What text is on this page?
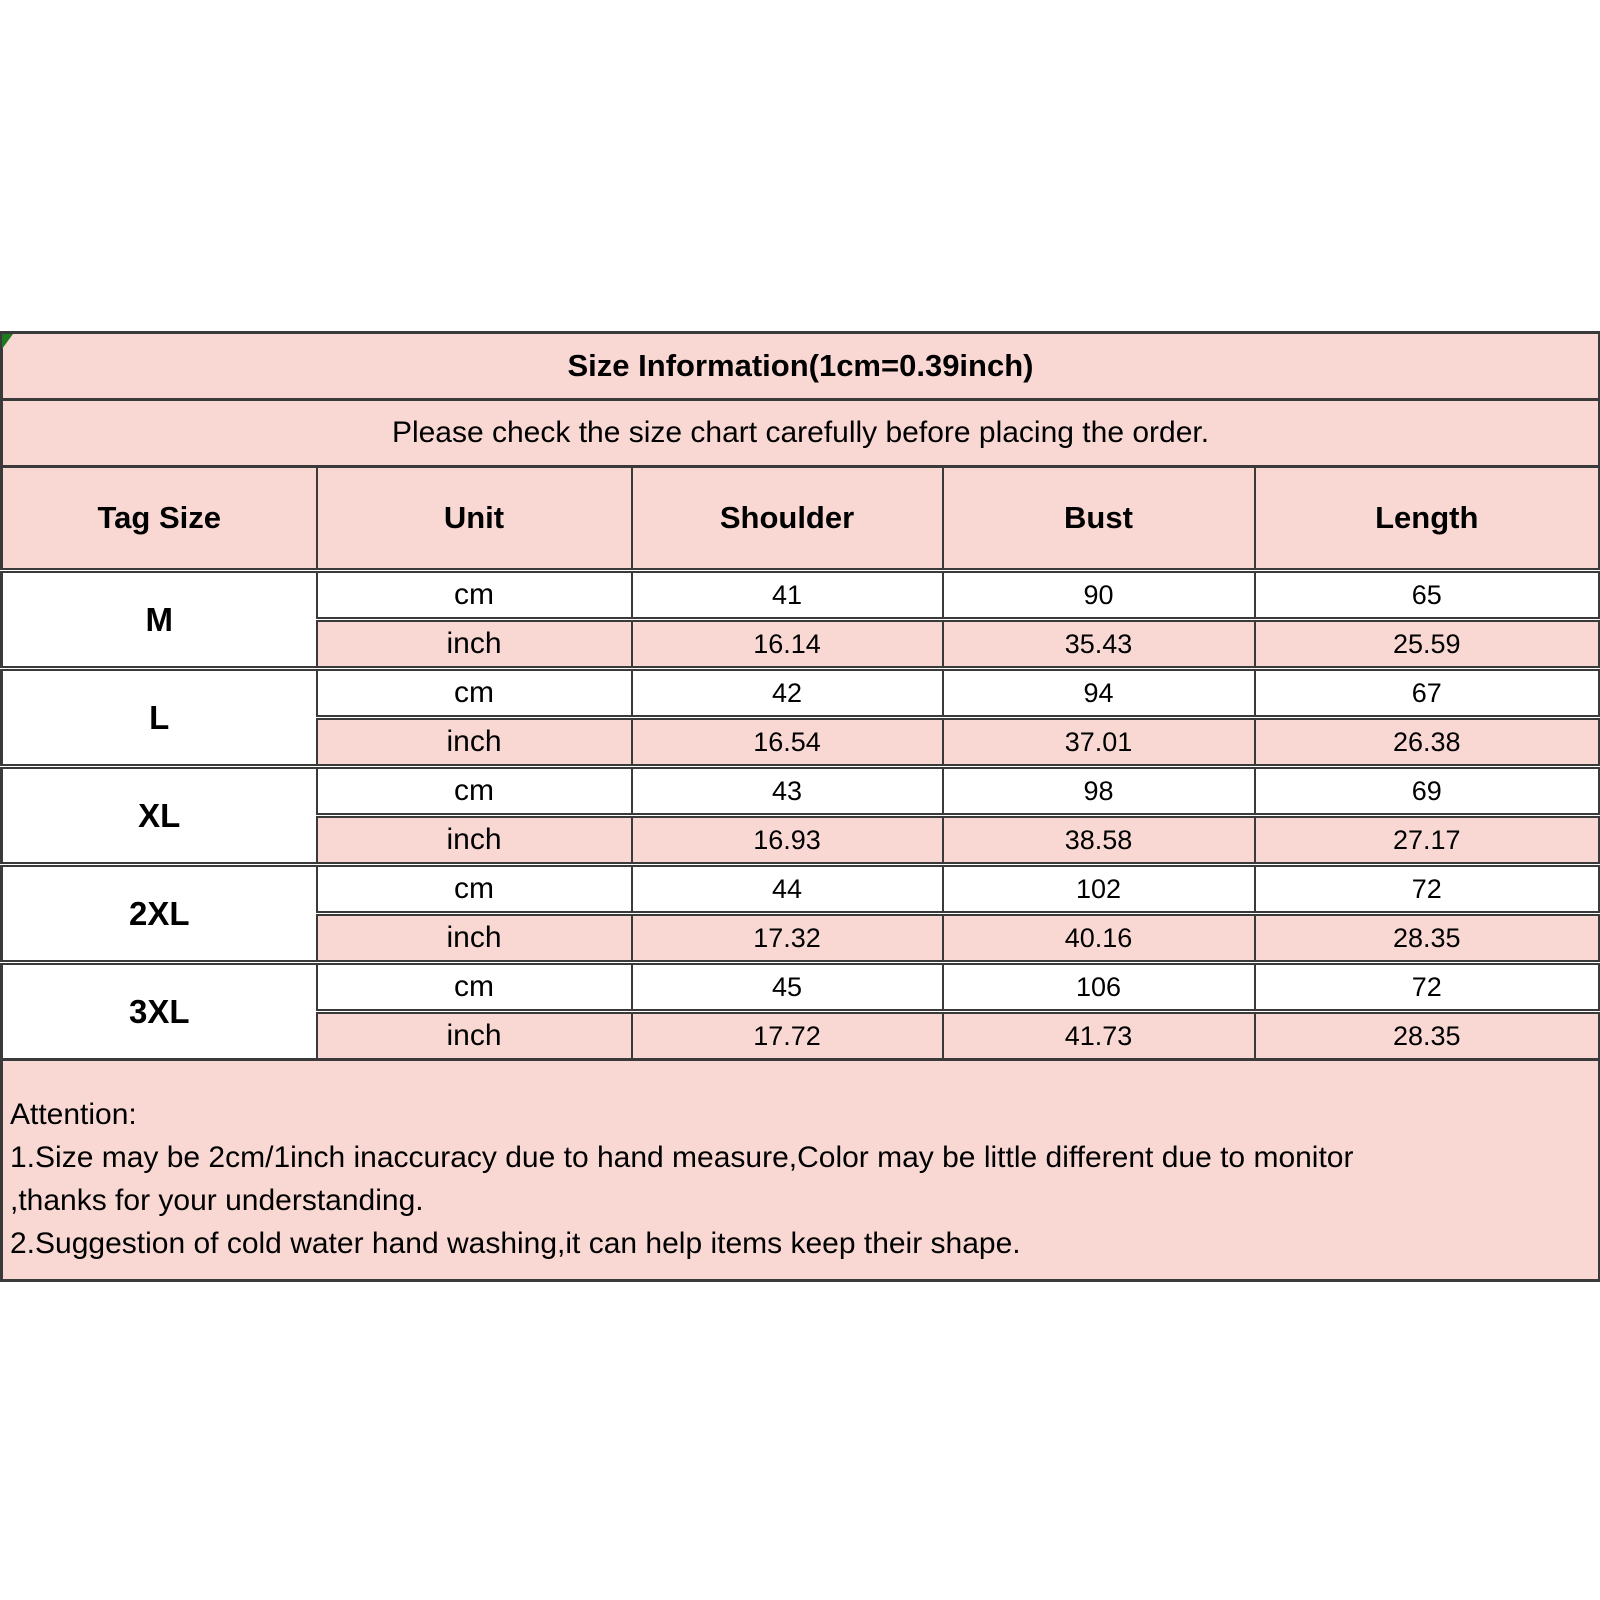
Size Information(1cm=0.39inch)				
Please check the size chart carefully before placing the order.				
Tag Size	Unit	Shoulder	Bust	Length
M	cm	41	90	65
	inch	16.14	35.43	25.59
L	cm	42	94	67
	inch	16.54	37.01	26.38
XL	cm	43	98	69
	inch	16.93	38.58	27.17
2XL	cm	44	102	72
	inch	17.32	40.16	28.35
3XL	cm	45	106	72
	inch	17.72	41.73	28.35

Attention:
1.Size may be 2cm/1inch inaccuracy due to hand measure,Color may be little different due to monitor
,thanks for your understanding.
2.Suggestion of cold water hand washing,it can help items keep their shape.				
